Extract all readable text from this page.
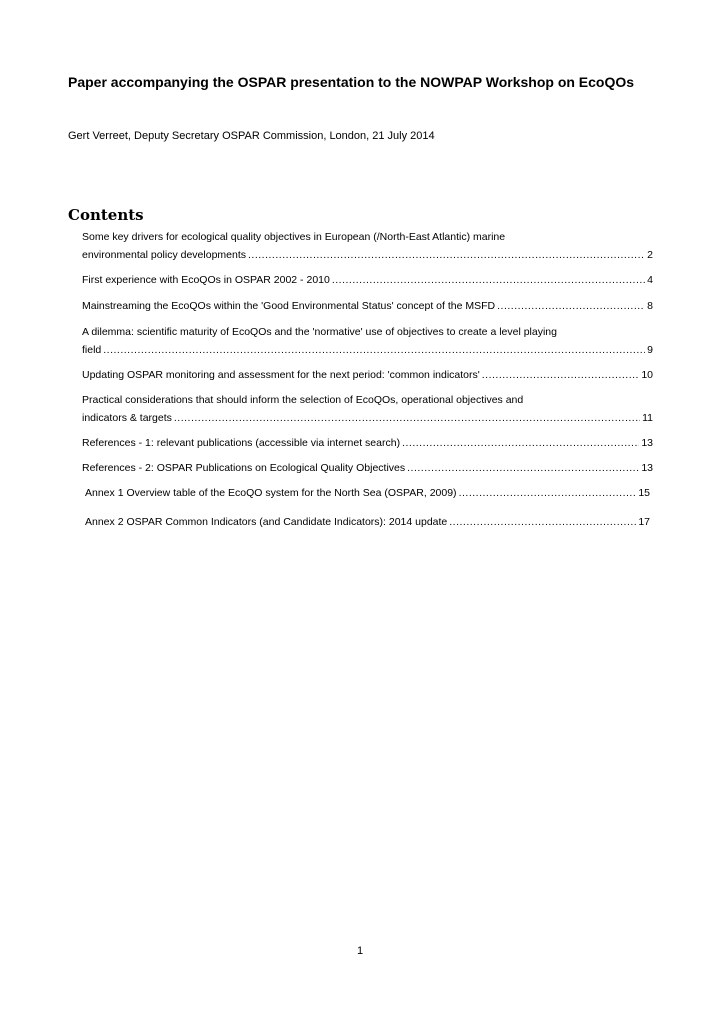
Paper accompanying the OSPAR presentation to the NOWPAP Workshop on EcoQOs

Gert Verreet, Deputy Secretary OSPAR Commission, London, 21 July 2014

Contents
Some key drivers for ecological quality objectives in European (/North-East Atlantic) marine
environmental policy developments .....	2
First experience with EcoQOs in OSPAR 2002 - 2010 .....	4
Mainstreaming the EcoQOs within the 'Good Environmental Status' concept of the MSFD .....	8
A dilemma: scientific maturity of EcoQOs and the 'normative' use of objectives to create a level playing
field .....	9
Updating OSPAR monitoring and assessment for the next period: 'common indicators' .....	10
Practical considerations that should inform the selection of EcoQOs, operational objectives and
indicators & targets .....	11
References - 1: relevant publications (accessible via internet search) .....	13
References - 2: OSPAR Publications on Ecological Quality Objectives .....	13
Annex 1 Overview table of the EcoQO system for the North Sea (OSPAR, 2009) .....	15
Annex 2 OSPAR Common Indicators (and Candidate Indicators): 2014 update .....	17

1
